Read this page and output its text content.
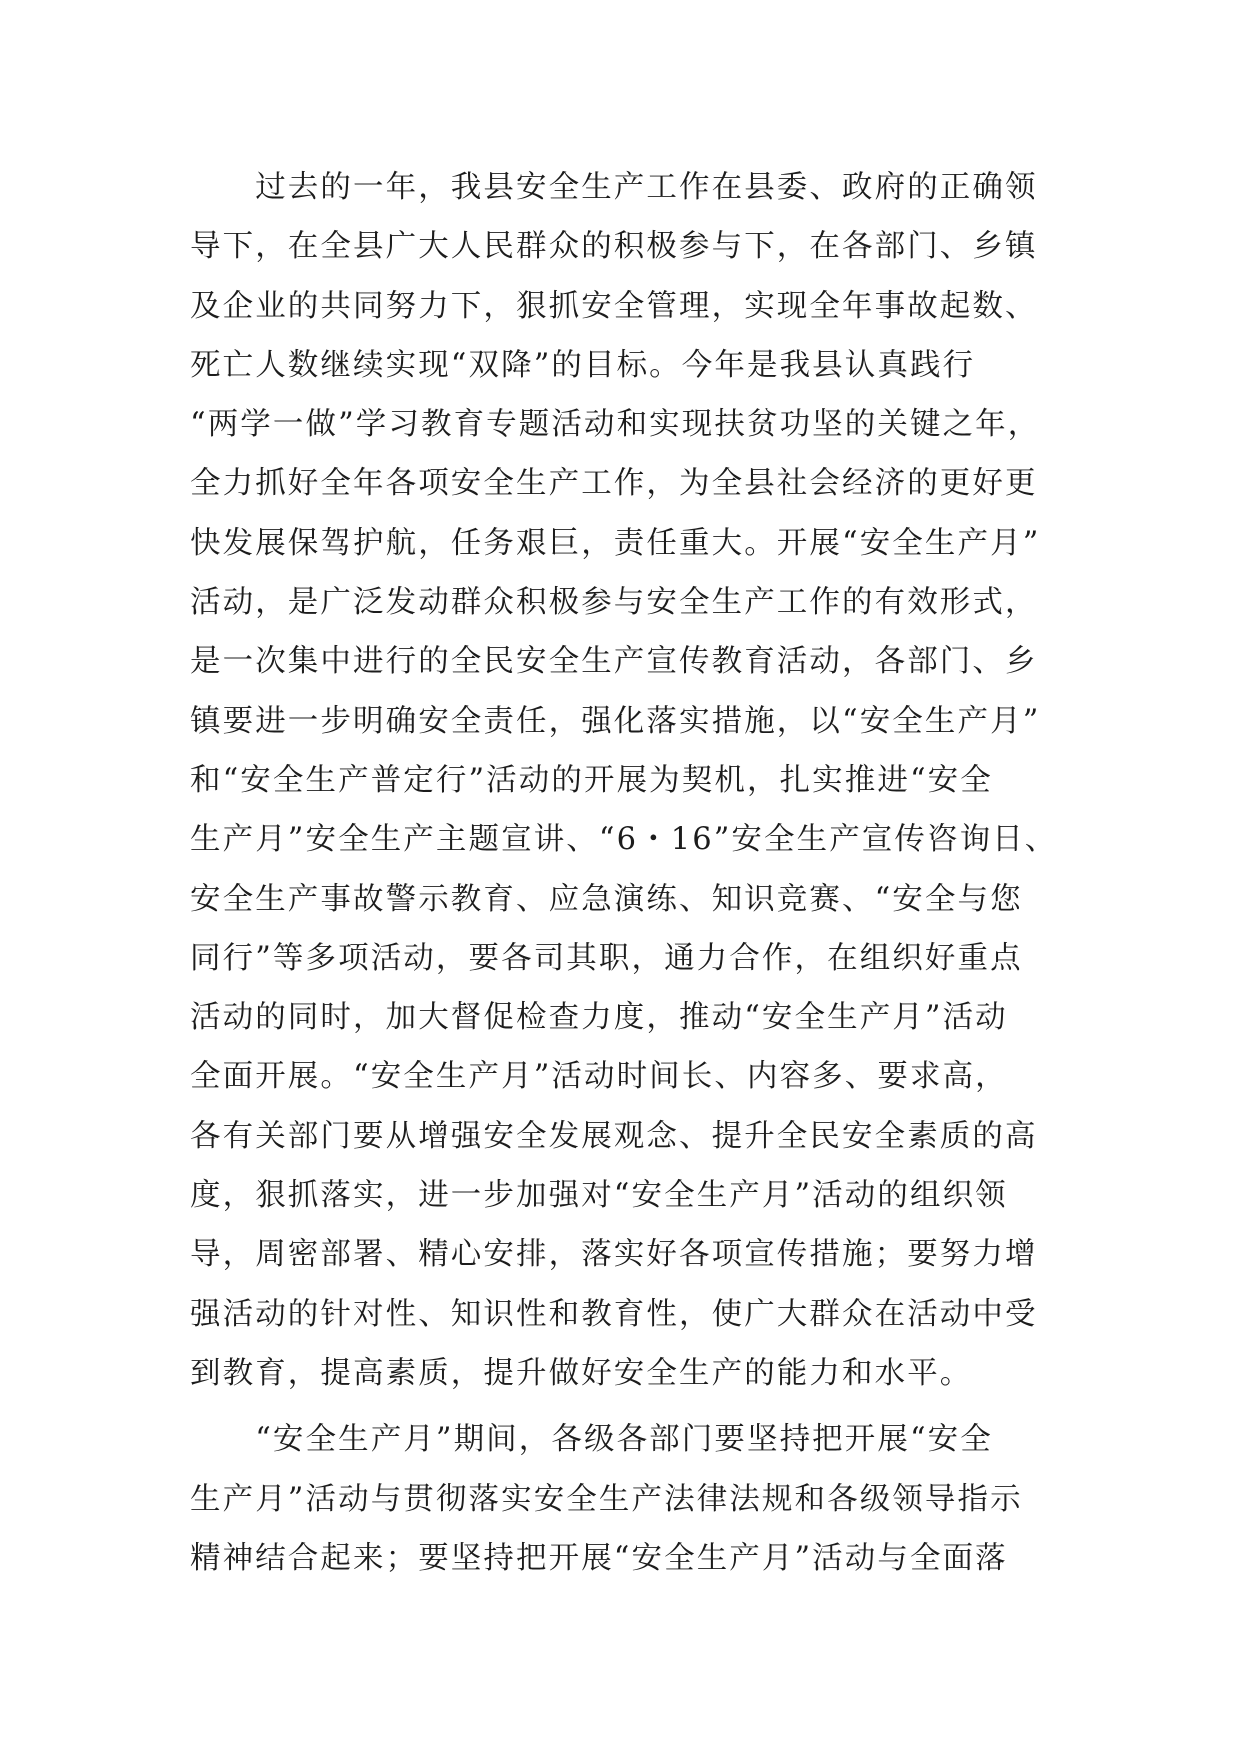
　　过去的一年，我县安全生产工作在县委、政府的正确领
导下，在全县广大人民群众的积极参与下，在各部门、乡镇
及企业的共同努力下，狠抓安全管理，实现全年事故起数、
死亡人数继续实现“双降”的目标。今年是我县认真践行
“两学一做”学习教育专题活动和实现扶贫功坚的关键之年，
全力抓好全年各项安全生产工作，为全县社会经济的更好更
快发展保驾护航，任务艰巨，责任重大。开展“安全生产月”
活动，是广泛发动群众积极参与安全生产工作的有效形式，
是一次集中进行的全民安全生产宣传教育活动，各部门、乡
镇要进一步明确安全责任，强化落实措施，以“安全生产月”
和“安全生产普定行”活动的开展为契机，扎实推进“安全
生产月”安全生产主题宣讲、“6・16”安全生产宣传咨询日、
安全生产事故警示教育、应急演练、知识竞赛、“安全与您
同行”等多项活动，要各司其职，通力合作，在组织好重点
活动的同时，加大督促检查力度，推动“安全生产月”活动
全面开展。“安全生产月”活动时间长、内容多、要求高，
各有关部门要从增强安全发展观念、提升全民安全素质的高
度，狠抓落实，进一步加强对“安全生产月”活动的组织领
导，周密部署、精心安排，落实好各项宣传措施；要努力增
强活动的针对性、知识性和教育性，使广大群众在活动中受
到教育，提高素质，提升做好安全生产的能力和水平。
　　“安全生产月”期间，各级各部门要坚持把开展“安全
生产月”活动与贯彻落实安全生产法律法规和各级领导指示
精神结合起来；要坚持把开展“安全生产月”活动与全面落
